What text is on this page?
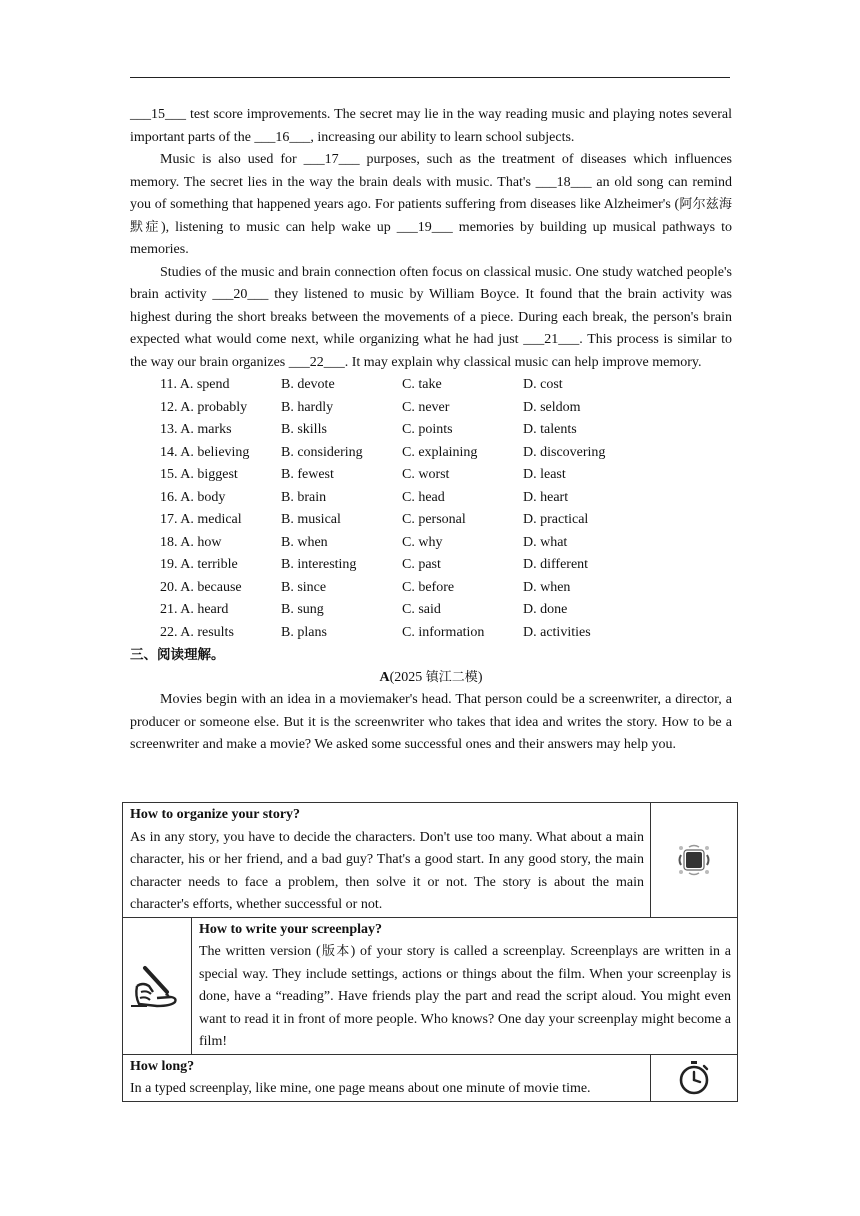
___15___ test score improvements. The secret may lie in the way reading music and playing notes several important parts of the ___16___, increasing our ability to learn school subjects.

Music is also used for ___17___ purposes, such as the treatment of diseases which influences memory. The secret lies in the way the brain deals with music. That's ___18___ an old song can remind you of something that happened years ago. For patients suffering from diseases like Alzheimer's (阿尔兹海默症), listening to music can help wake up ___19___ memories by building up musical pathways to memories.

Studies of the music and brain connection often focus on classical music. One study watched people's brain activity ___20___ they listened to music by William Boyce. It found that the brain activity was highest during the short breaks between the movements of a piece. During each break, the person's brain expected what would come next, while organizing what he had just ___21___. This process is similar to the way our brain organizes ___22___. It may explain why classical music can help improve memory.

11. A. spend	B. devote	C. take	D. cost
12. A. probably	B. hardly	C. never	D. seldom
13. A. marks	B. skills	C. points	D. talents
14. A. believing	B. considering	C. explaining	D. discovering
15. A. biggest	B. fewest	C. worst	D. least
16. A. body	B. brain	C. head	D. heart
17. A. medical	B. musical	C. personal	D. practical
18. A. how	B. when	C. why	D. what
19. A. terrible	B. interesting	C. past	D. different
20. A. because	B. since	C. before	D. when
21. A. heard	B. sung	C. said	D. done
22. A. results	B. plans	C. information	D. activities
三、阅读理解。
A(2025 镇江二模)

Movies begin with an idea in a moviemaker's head. That person could be a screenwriter, a director, a producer or someone else. But it is the screenwriter who takes that idea and writes the story. How to be a screenwriter and make a movie? We asked some successful ones and their answers may help you.

How to organize your story?
As in any story, you have to decide the characters. Don't use too many. What about a main character, his or her friend, and a bad guy? That's a good start. In any good story, the main character needs to face a problem, then solve it or not. The story is about the main character's efforts, whether successful or not.

How to write your screenplay?
The written version (版本) of your story is called a screenplay. Screenplays are written in a special way. They include settings, actions or things about the film. When your screenplay is done, have a “reading”. Have friends play the part and read the script aloud. You might even want to read it in front of more people. Who knows? One day your screenplay might become a film!	

How long?
In a typed screenplay, like mine, one page means about one minute of movie time.
